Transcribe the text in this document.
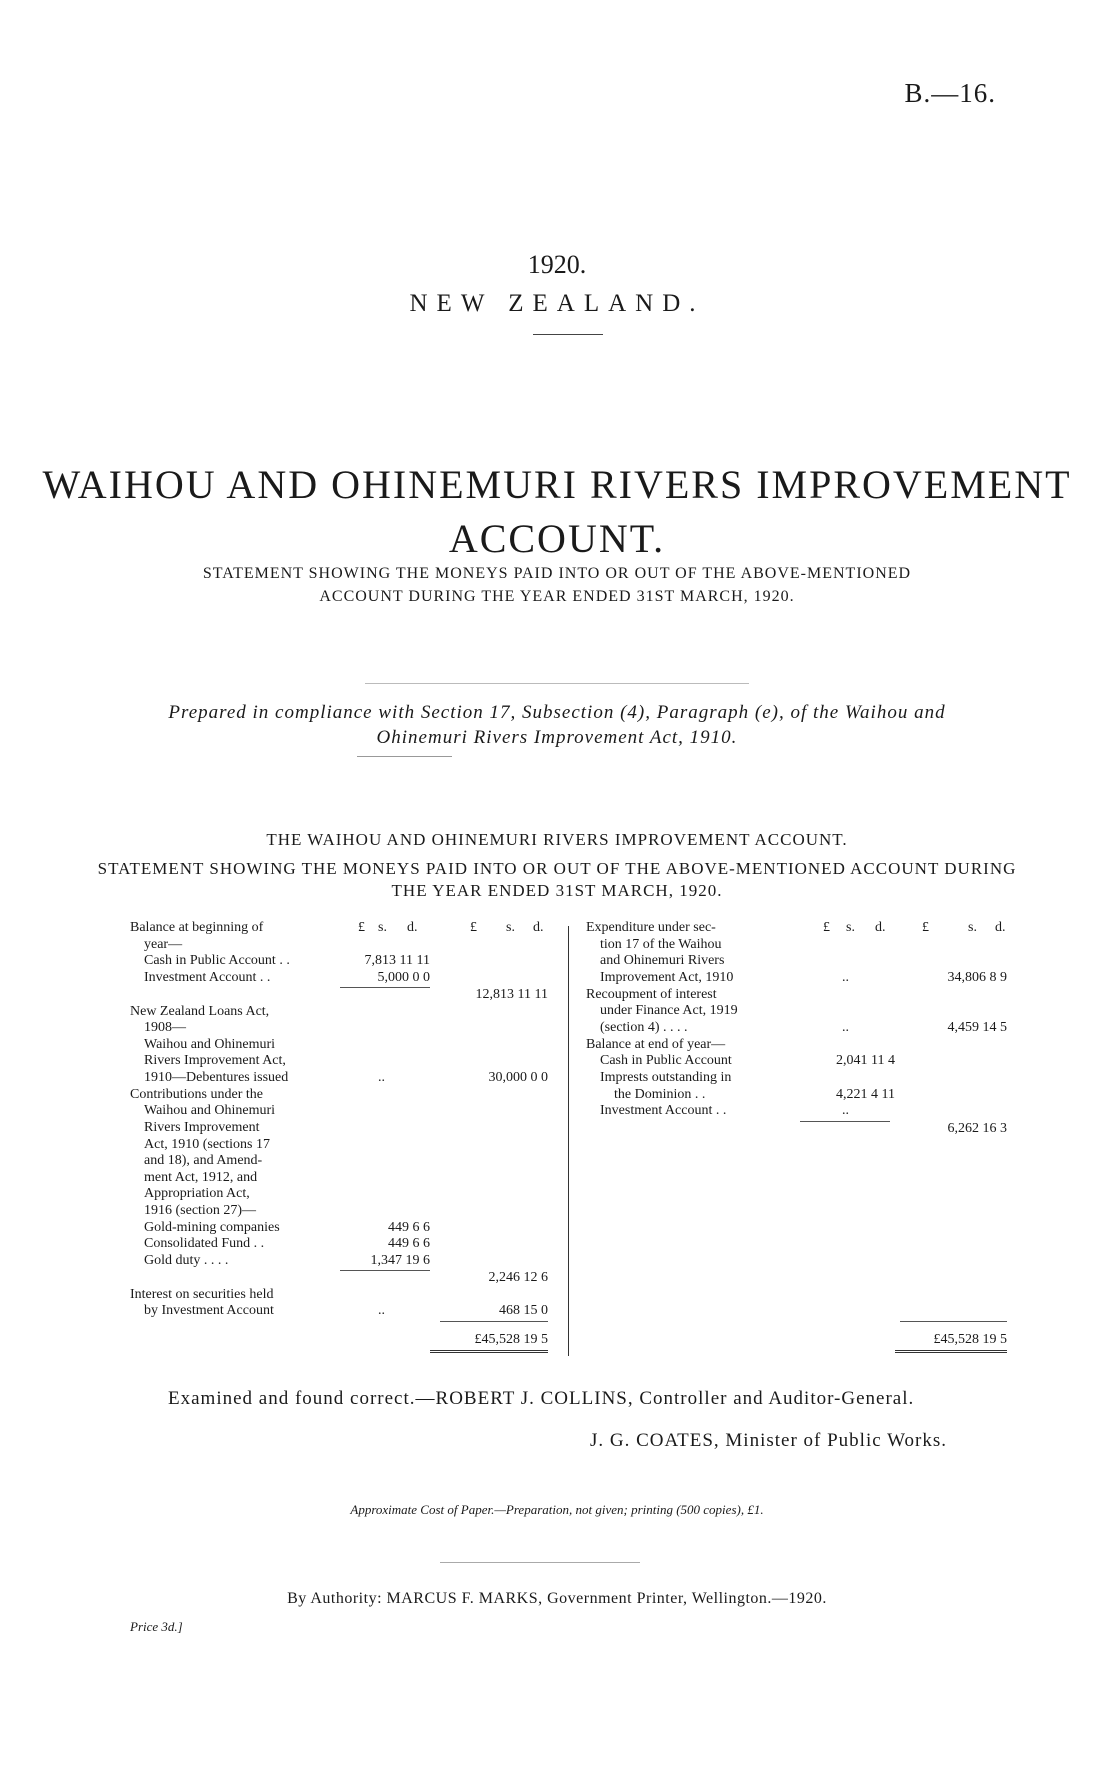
B.—16.
1920.
NEW ZEALAND.
WAIHOU AND OHINEMURI RIVERS IMPROVEMENT
ACCOUNT.
STATEMENT SHOWING THE MONEYS PAID INTO OR OUT OF THE ABOVE-MENTIONED
ACCOUNT DURING THE YEAR ENDED 31ST MARCH, 1920.
Prepared in compliance with Section 17, Subsection (4), Paragraph (e), of the Waihou and
Ohinemuri Rivers Improvement Act, 1910.
THE WAIHOU AND OHINEMURI RIVERS IMPROVEMENT ACCOUNT.
STATEMENT SHOWING THE MONEYS PAID INTO OR OUT OF THE ABOVE-MENTIONED ACCOUNT DURING
THE YEAR ENDED 31ST MARCH, 1920.
£ s. d.	£ s. d.
Balance at beginning of
year—
Cash in Public Account . .	7,813 11 11
Investment Account . .	5,000 0 0
12,813 11 11
New Zealand Loans Act,
1908—
Waihou and Ohinemuri
Rivers Improvement Act,
1910—Debentures issued	..	30,000 0 0
Contributions under the
Waihou and Ohinemuri
Rivers Improvement
Act, 1910 (sections 17
and 18), and Amend-
ment Act, 1912, and
Appropriation Act,
1916 (section 27)—
Gold-mining companies	449 6 6
Consolidated Fund . .	449 6 6
Gold duty . . . .	1,347 19 6
2,246 12 6
Interest on securities held
by Investment Account	..	468 15 0
£45,528 19 5
£ s. d.	£	s. d.
Expenditure under sec-
tion 17 of the Waihou
and Ohinemuri Rivers
Improvement Act, 1910	..	34,806 8 9
Recoupment of interest
under Finance Act, 1919
(section 4) . . . .	..	4,459 14 5
Balance at end of year—
Cash in Public Account	2,041 11 4
Imprests outstanding in
the Dominion . .	4,221 4 11
Investment Account . .	..
6,262 16 3
£45,528 19 5
Examined and found correct.—ROBERT J. COLLINS, Controller and Auditor-General.
J. G. COATES, Minister of Public Works.
Approximate Cost of Paper.—Preparation, not given; printing (500 copies), £1.
By Authority: MARCUS F. MARKS, Government Printer, Wellington.—1920.
Price 3d.]
